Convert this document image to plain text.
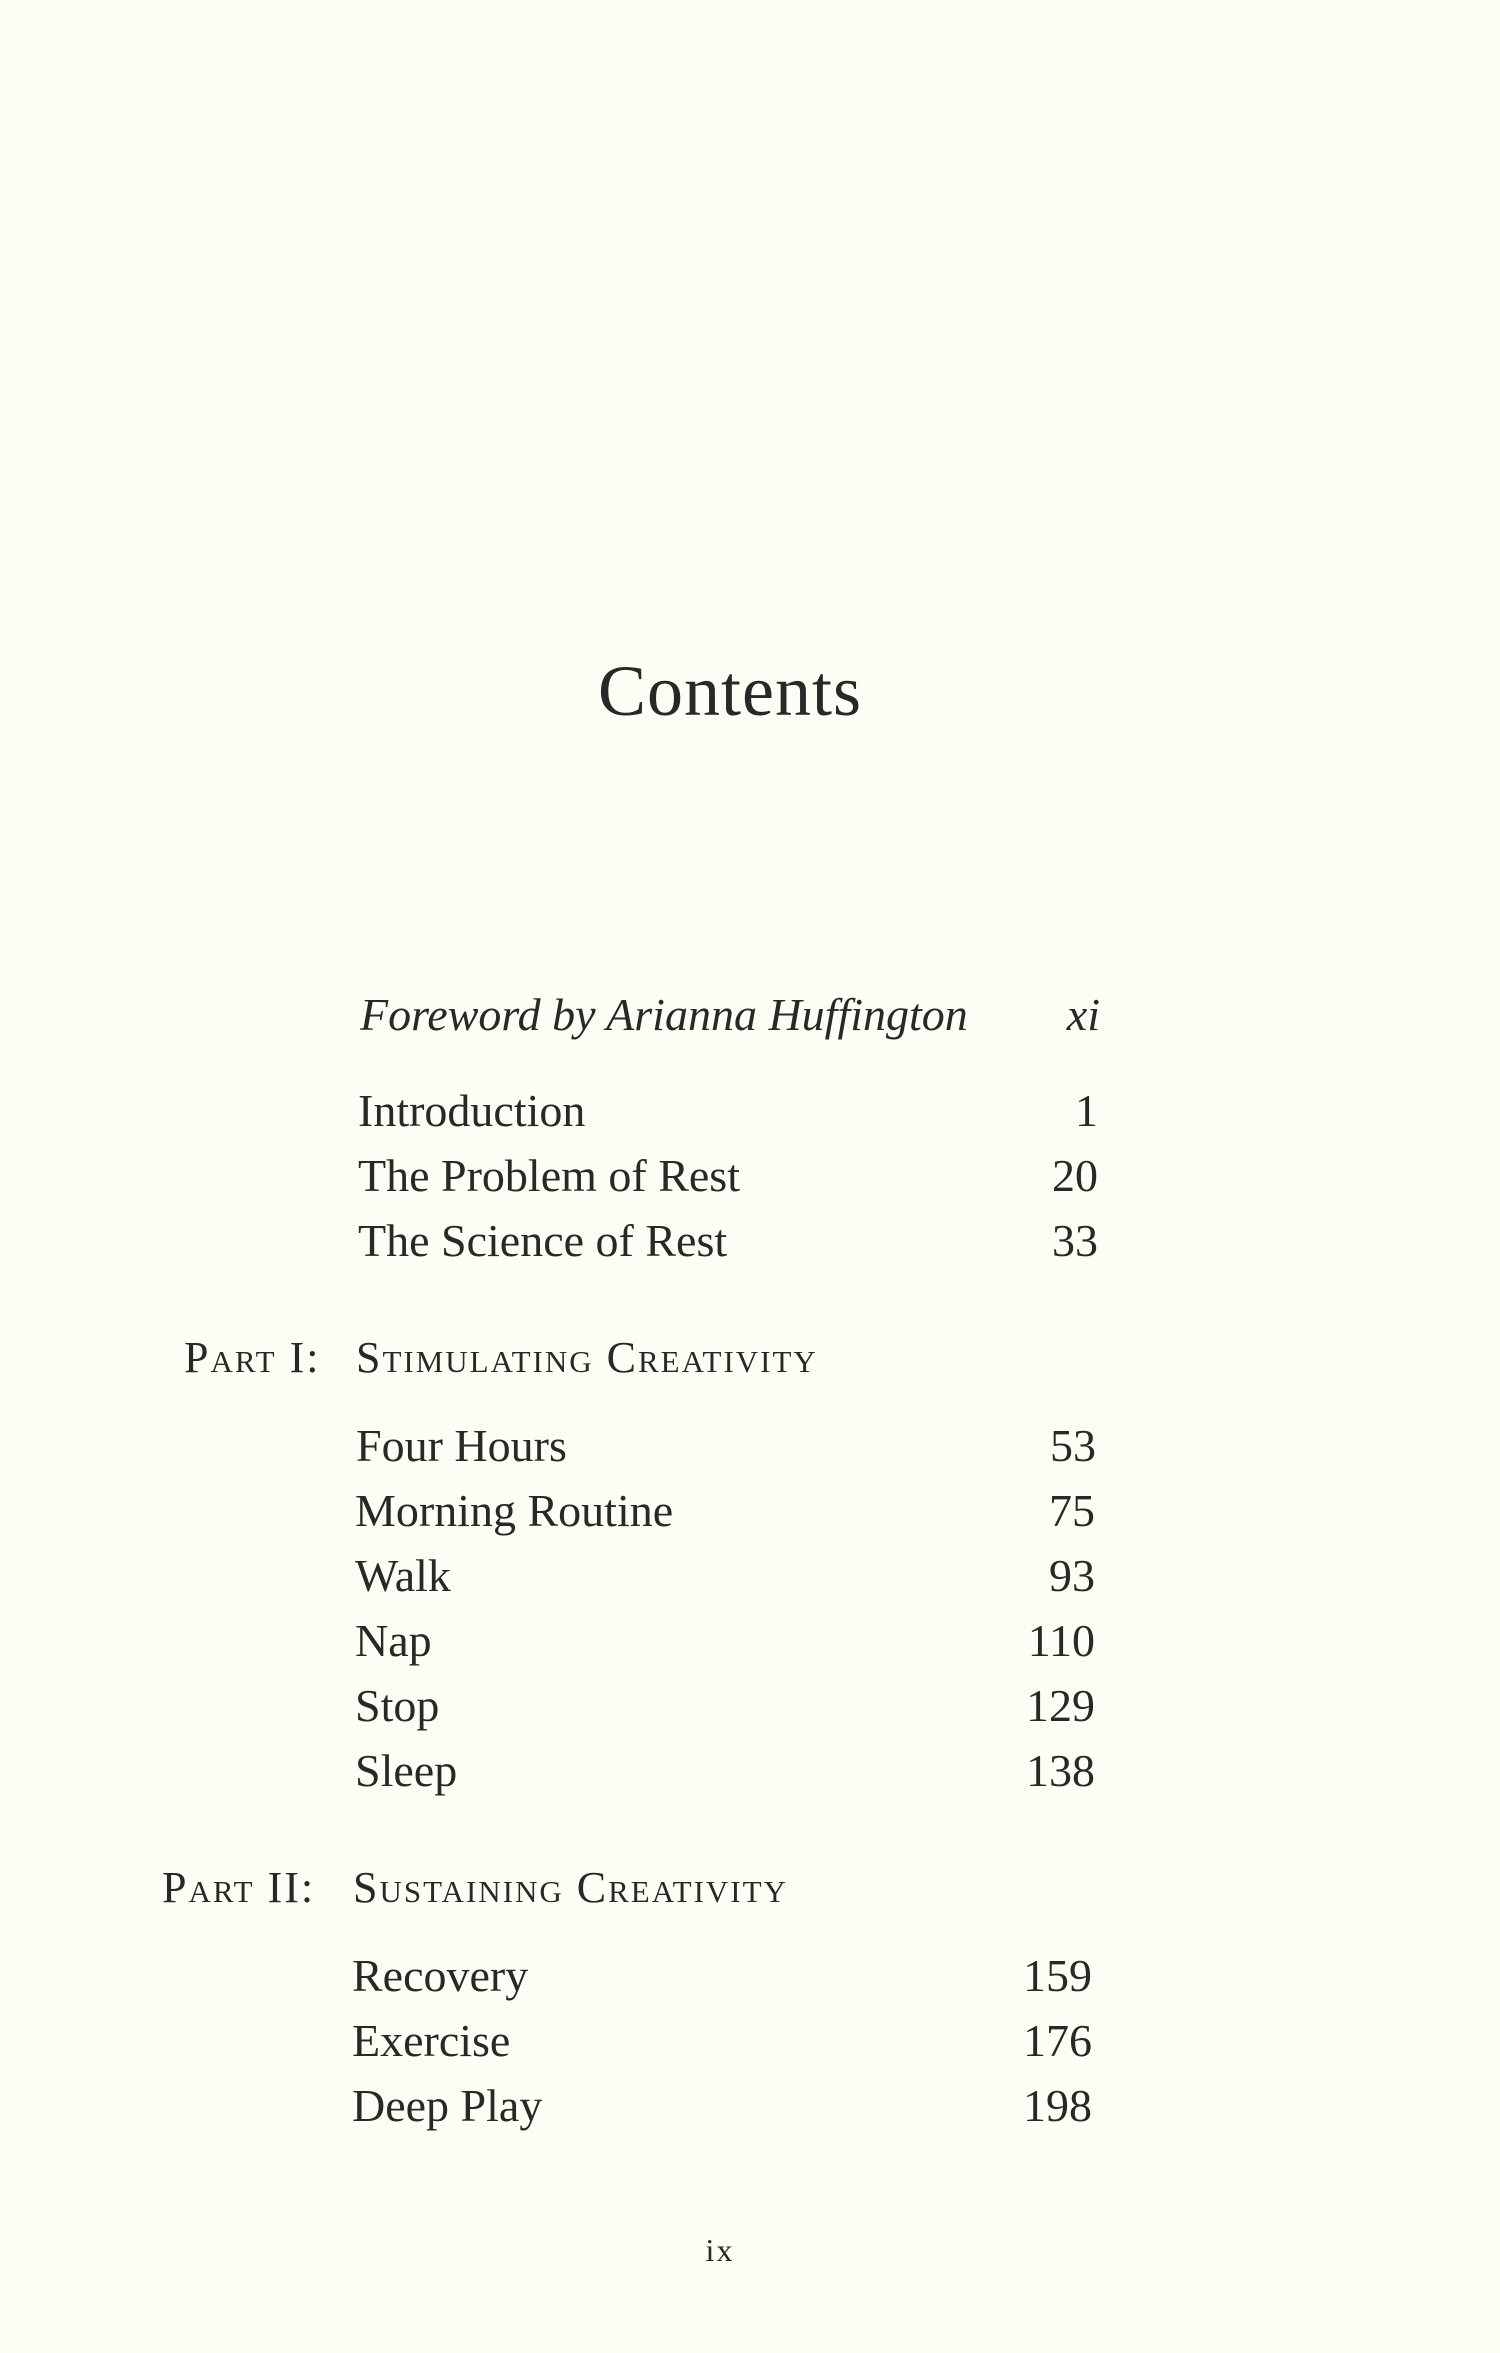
Contents
Foreword by Arianna Huffington xi
Introduction	1
The Problem of Rest	20
The Science of Rest	33
Part I: Stimulating Creativity
Four Hours	53
Morning Routine	75
Walk	93
Nap	110
Stop	129
Sleep	138
Part II: Sustaining Creativity
Recovery	159
Exercise	176
Deep Play	198
ix
